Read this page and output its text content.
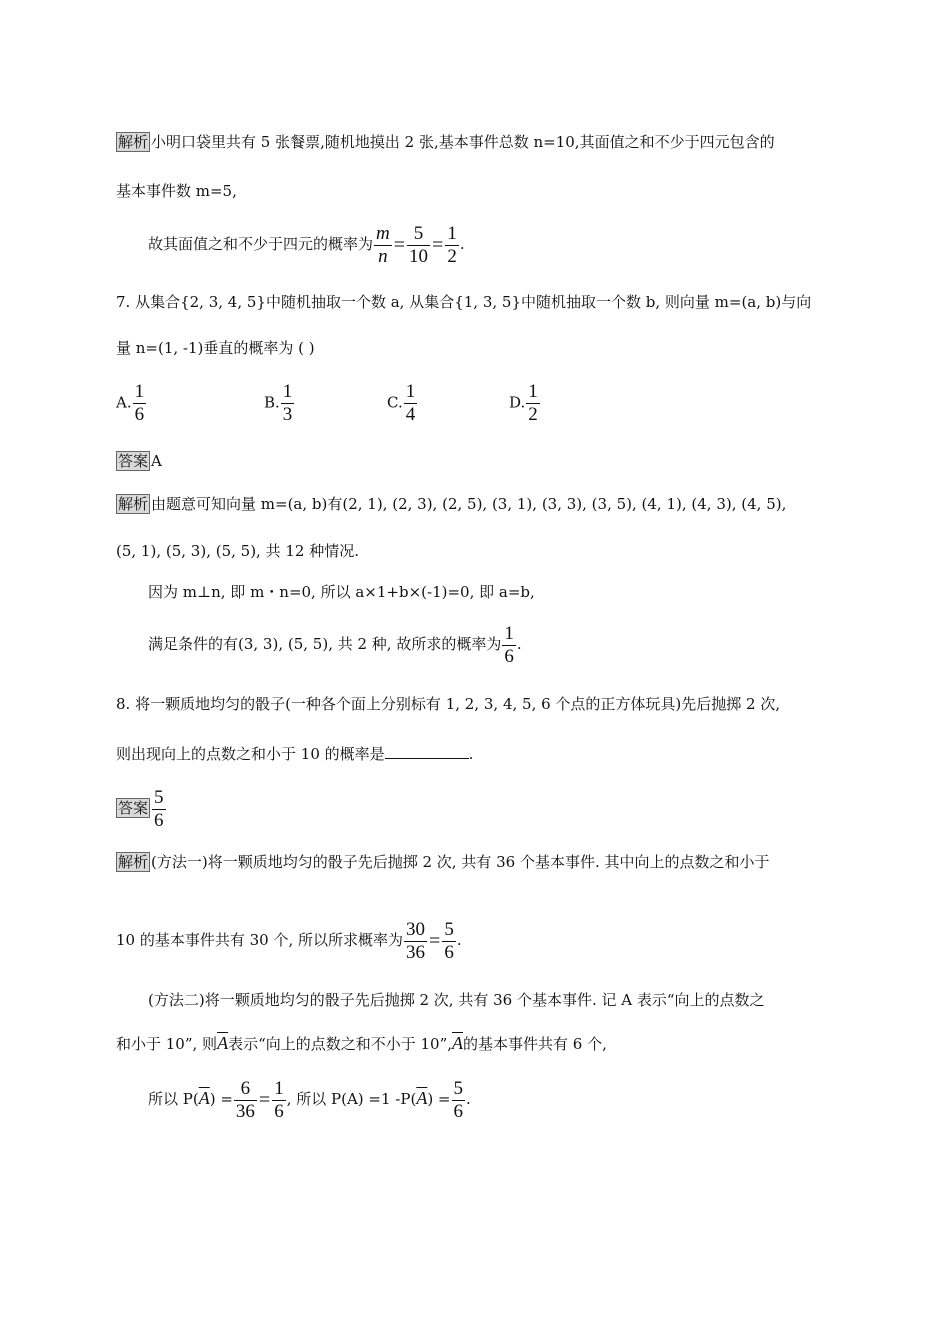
解析 小明口袋里共有 5 张餐票,随机地摸出 2 张,基本事件总数 n=10,其面值之和不少于四元包含的
基本事件数 m=5,
故其面值之和不少于四元的概率为 $\frac{m}{n} = \frac{5}{10} = \frac{1}{2}$ .
7. 从集合{2, 3, 4, 5}中随机抽取一个数 a, 从集合{1, 3, 5}中随机抽取一个数 b, 则向量 m=(a, b)与向
量 n=(1, -1)垂直的概率为 ( )
A. $\frac{1}{6}$	B. $\frac{1}{3}$	C. $\frac{1}{4}$	D. $\frac{1}{2}$
答案 A
解析 由题意可知向量 m=(a, b)有(2, 1), (2, 3), (2, 5), (3, 1), (3, 3), (3, 5), (4, 1), (4, 3), (4, 5),
(5, 1), (5, 3), (5, 5), 共 12 种情况.
因为 m⊥n, 即 m・n=0, 所以 a×1+b×(-1)=0, 即 a=b,
满足条件的有(3, 3), (5, 5), 共 2 种, 故所求的概率为 $\frac{1}{6}$ .
8. 将一颗质地均匀的骰子(一种各个面上分别标有 1, 2, 3, 4, 5, 6 个点的正方体玩具)先后抛掷 2 次,
则出现向上的点数之和小于 10 的概率是	.
答案 $\frac{5}{6}$
解析 (方法一)将一颗质地均匀的骰子先后抛掷 2 次, 共有 36 个基本事件. 其中向上的点数之和小于
10 的基本事件共有 30 个, 所以所求概率为 $\frac{30}{36} = \frac{5}{6}$ .
(方法二)将一颗质地均匀的骰子先后抛掷 2 次, 共有 36 个基本事件. 记 A 表示“向上的点数之
和小于 10”, 则$\overline{A}$表示“向上的点数之和不小于 $10”,\overline{A}$的基本事件共有 6 个,
所以 $P(\overline{A}) = \frac{6}{36} = \frac{1}{6}$ , 所以 P(A) =1 $-P(\overline{A}) = \frac{5}{6}$ .
